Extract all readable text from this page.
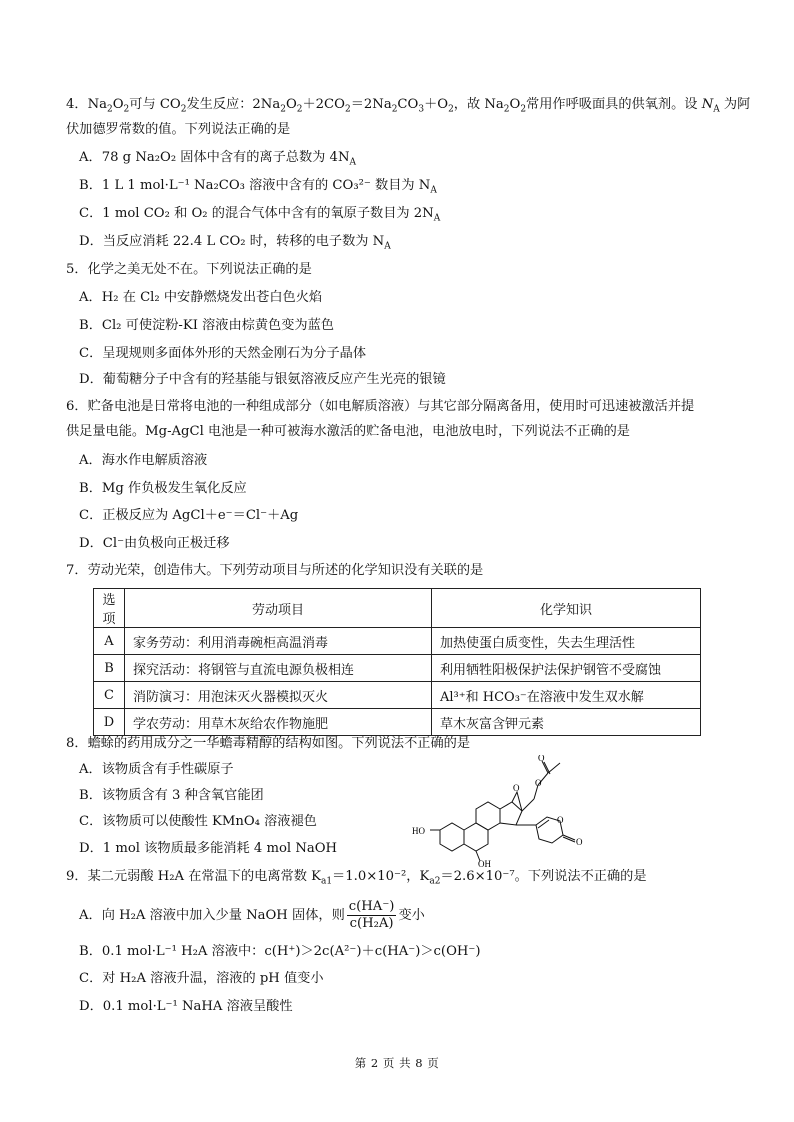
4．$Na_2O_2$可与 $CO_2$发生反应：$2Na_2O_2+2CO_2=2Na_2CO_3+O_2$，故 $Na_2O_2$常用作呼吸面具的供氧剂。设 $N_A$ 为阿
伏加德罗常数的值。下列说法正确的是
A．78 g Na₂O₂ 固体中含有的离子总数为 $4N_A$
B．1 L 1 mol·L⁻¹ Na₂CO₃ 溶液中含有的 CO₃²⁻ 数目为 $N_A$
C．1 mol CO₂ 和 O₂ 的混合气体中含有的氧原子数目为 $2N_A$
D．当反应消耗 22.4 L CO₂ 时，转移的电子数为 $N_A$
5．化学之美无处不在。下列说法正确的是
A．H₂ 在 Cl₂ 中安静燃烧发出苍白色火焰
B．Cl₂ 可使淀粉-KI 溶液由棕黄色变为蓝色
C．呈现规则多面体外形的天然金刚石为分子晶体
D．葡萄糖分子中含有的羟基能与银氨溶液反应产生光亮的银镜
6．贮备电池是日常将电池的一种组成部分（如电解质溶液）与其它部分隔离备用，使用时可迅速被激活并提
供足量电能。Mg-AgCl 电池是一种可被海水激活的贮备电池，电池放电时，下列说法不正确的是
A．海水作电解质溶液
B．Mg 作负极发生氧化反应
C．正极反应为 AgCl＋e⁻＝Cl⁻＋Ag
D．Cl⁻由负极向正极迁移
7．劳动光荣，创造伟大。下列劳动项目与所述的化学知识没有关联的是
选项	劳动项目	化学知识
A	家务劳动：利用消毒碗柜高温消毒	加热使蛋白质变性，失去生理活性
B	探究活动：将钢管与直流电源负极相连	利用牺牲阳极保护法保护钢管不受腐蚀
C	消防演习：用泡沫灭火器模拟灭火	Al³⁺和 HCO₃⁻在溶液中发生双水解
D	学农劳动：用草木灰给农作物施肥	草木灰富含钾元素
8．蟾蜍的药用成分之一华蟾毒精醇的结构如图。下列说法不正确的是
A．该物质含有手性碳原子
B．该物质含有 3 种含氧官能团
C．该物质可以使酸性 KMnO₄ 溶液褪色
D．1 mol 该物质最多能消耗 4 mol NaOH
HO
OH
O O
O
O
O
9．某二元弱酸 H₂A 在常温下的电离常数 $K_{a1}=1.0\times 10^{-2}$，$K_{a2}=2.6\times 10^{-7}$。下列说法不正确的是
A．向 H₂A 溶液中加入少量 NaOH 固体，则 $\frac{c(HA^-)}{\text{c(H₂A)}}$ 变小
B．0.1 mol·L⁻¹ H₂A 溶液中：c(H⁺)＞2c(A²⁻)＋c(HA⁻)＞c(OH⁻)
C．对 H₂A 溶液升温，溶液的 pH 值变小
D．0.1 mol·L⁻¹ NaHA 溶液呈酸性
第 2 页 共 8 页
